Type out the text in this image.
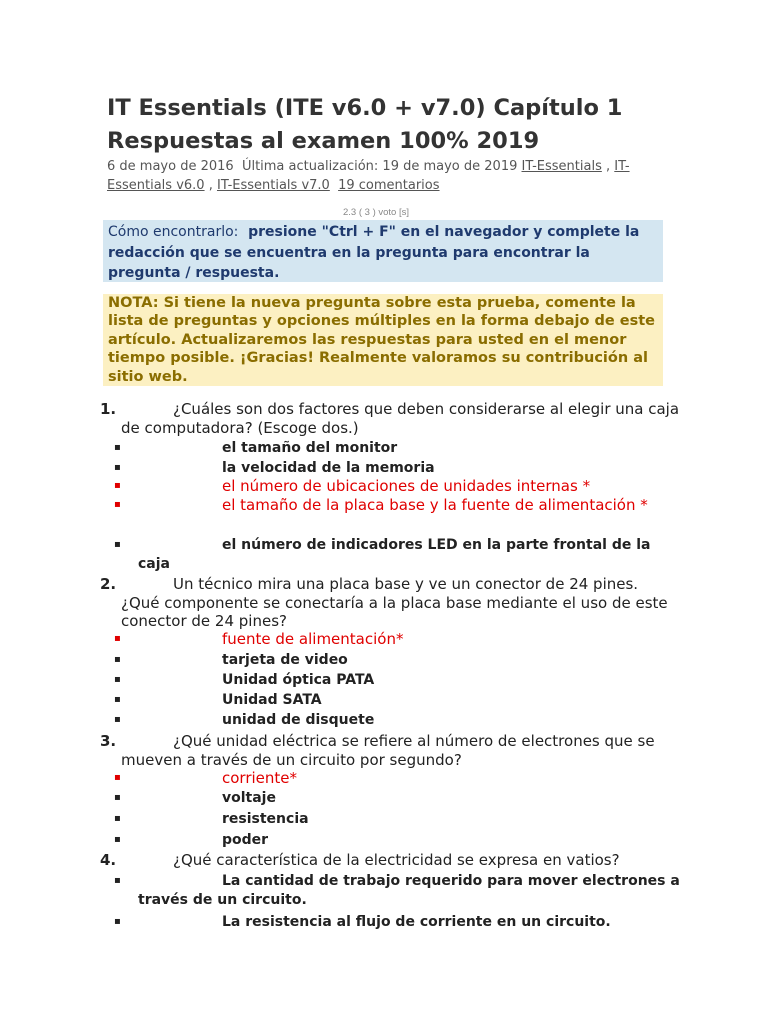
IT Essentials (ITE v6.0 + v7.0) Capítulo 1 Respuestas al examen 100% 2019
6 de mayo de 2016 Última actualización: 19 de mayo de 2019 IT-Essentials , IT-Essentials v6.0 , IT-Essentials v7.0 19 comentarios
2.3 ( 3 ) voto [s]
Cómo encontrarlo: presione "Ctrl + F" en el navegador y complete la redacción que se encuentra en la pregunta para encontrar la pregunta / respuesta.
NOTA: Si tiene la nueva pregunta sobre esta prueba, comente la lista de preguntas y opciones múltiples en la forma debajo de este artículo. Actualizaremos las respuestas para usted en el menor tiempo posible. ¡Gracias! Realmente valoramos su contribución al sitio web.
1.	¿Cuáles son dos factores que deben considerarse al elegir una caja de computadora? (Escoge dos.)
▪	el tamaño del monitor
▪	la velocidad de la memoria
▪	el número de ubicaciones de unidades internas *
▪	el tamaño de la placa base y la fuente de alimentación *
▪	el número de indicadores LED en la parte frontal de la caja
2.	Un técnico mira una placa base y ve un conector de 24 pines. ¿Qué componente se conectaría a la placa base mediante el uso de este conector de 24 pines?
▪	fuente de alimentación*
▪	tarjeta de video
▪	Unidad óptica PATA
▪	Unidad SATA
▪	unidad de disquete
3.	¿Qué unidad eléctrica se refiere al número de electrones que se mueven a través de un circuito por segundo?
▪	corriente*
▪	voltaje
▪	resistencia
▪	poder
4.	¿Qué característica de la electricidad se expresa en vatios?
▪	La cantidad de trabajo requerido para mover electrones a través de un circuito.
▪	La resistencia al flujo de corriente en un circuito.
